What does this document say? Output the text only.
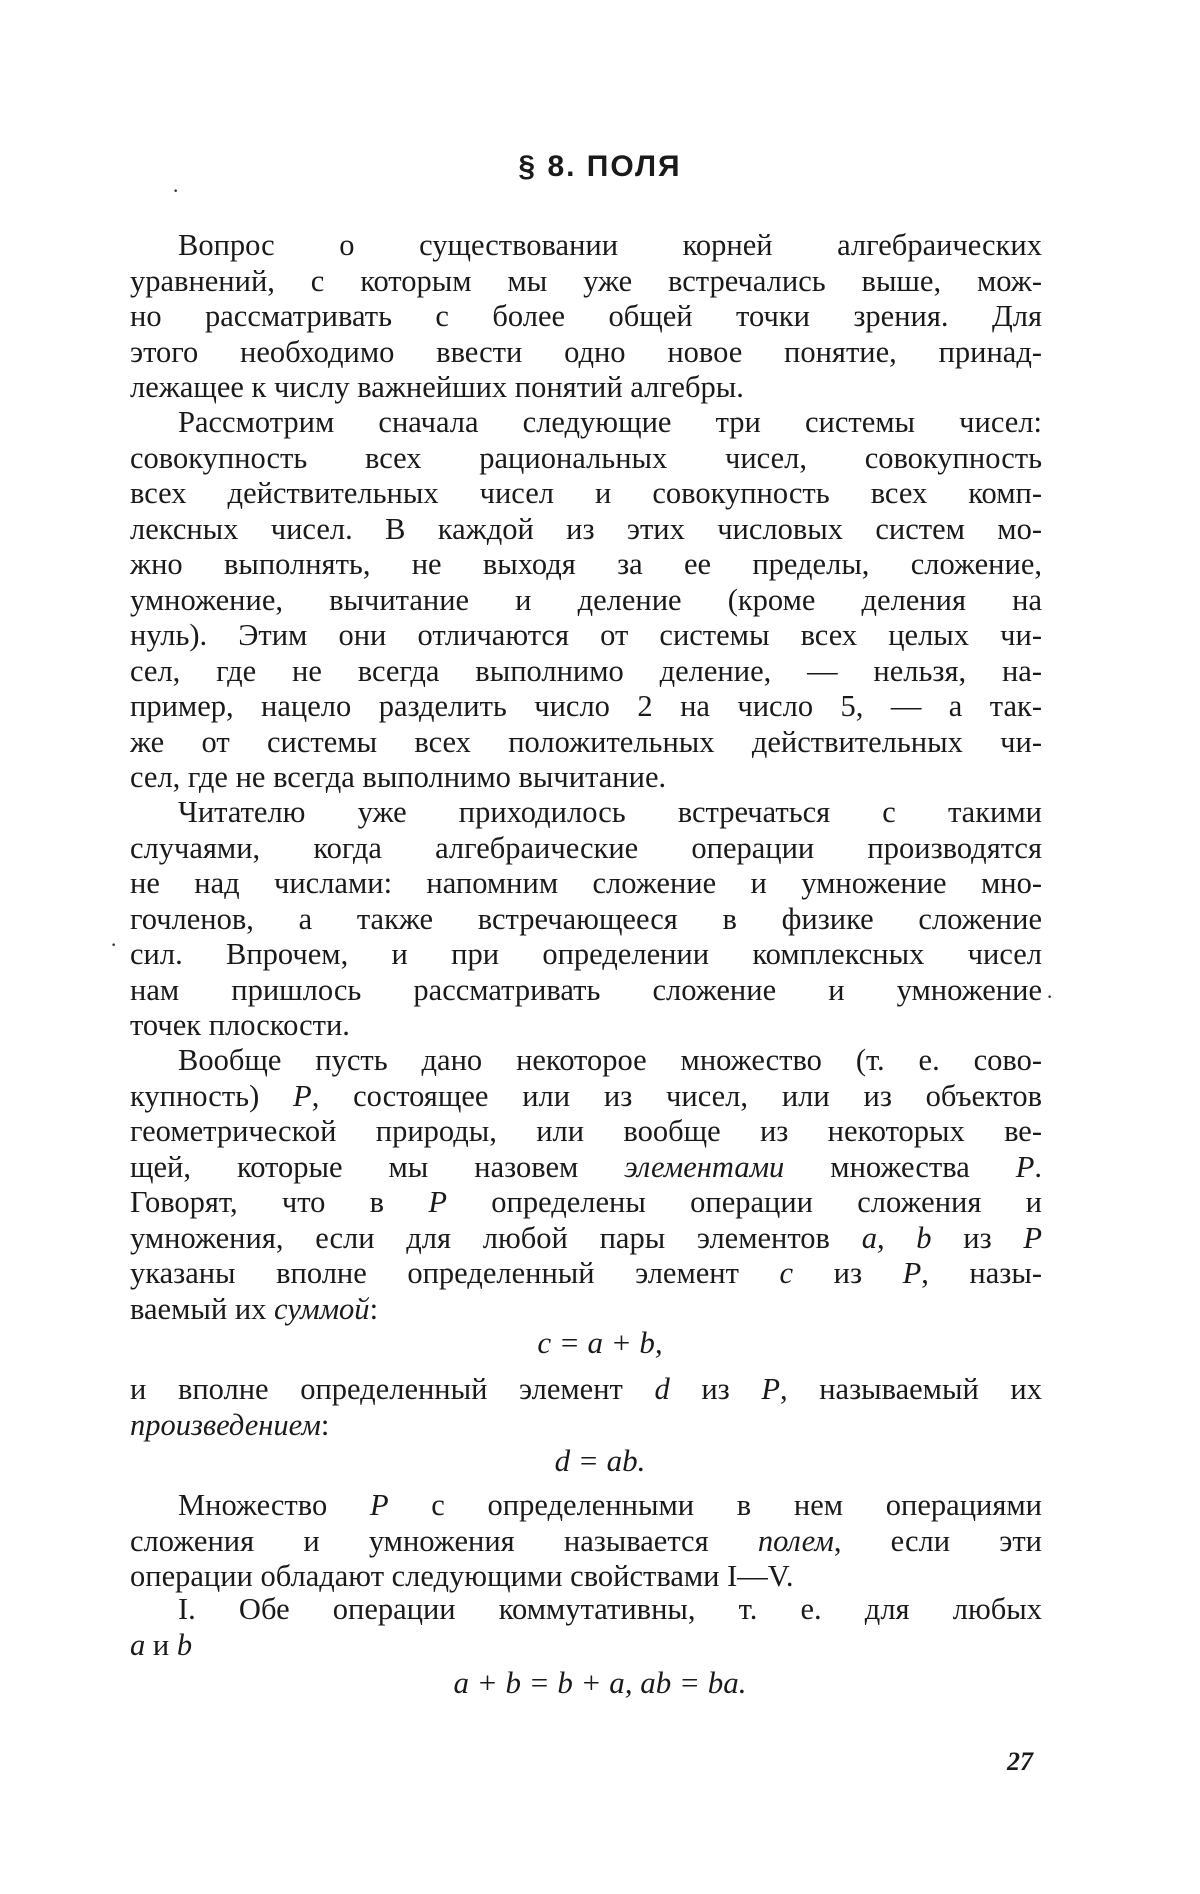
§ 8. ПОЛЯ
Вопрос о существовании корней алгебраических
уравнений, с которым мы уже встречались выше, мож-
но рассматривать с более общей точки зрения. Для
этого необходимо ввести одно новое понятие, принад-
лежащее к числу важнейших понятий алгебры.
Рассмотрим сначала следующие три системы чисел:
совокупность всех рациональных чисел, совокупность
всех действительных чисел и совокупность всех комп-
лексных чисел. В каждой из этих числовых систем мо-
жно выполнять, не выходя за ее пределы, сложение,
умножение, вычитание и деление (кроме деления на
нуль). Этим они отличаются от системы всех целых чи-
сел, где не всегда выполнимо деление, — нельзя, на-
пример, нацело разделить число 2 на число 5, — а так-
же от системы всех положительных действительных чи-
сел, где не всегда выполнимо вычитание.
Читателю уже приходилось встречаться с такими
случаями, когда алгебраические операции производятся
не над числами: напомним сложение и умножение мно-
гочленов, а также встречающееся в физике сложение
сил. Впрочем, и при определении комплексных чисел
нам пришлось рассматривать сложение и умножение
точек плоскости.
Вообще пусть дано некоторое множество (т. е. сово-
купность) P, состоящее или из чисел, или из объектов
геометрической природы, или вообще из некоторых ве-
щей, которые мы назовем элементами множества P.
Говорят, что в P определены операции сложения и
умножения, если для любой пары элементов a, b из P
указаны вполне определенный элемент c из P, назы-
ваемый их суммой:
c = a + b,
и вполне определенный элемент d из P, называемый их
произведением:
d = ab.
Множество P с определенными в нем операциями
сложения и умножения называется полем, если эти
операции обладают следующими свойствами I—V.
I. Обе операции коммутативны, т. е. для любых
a и b
a + b = b + a, ab = ba.
27
·
·
·
